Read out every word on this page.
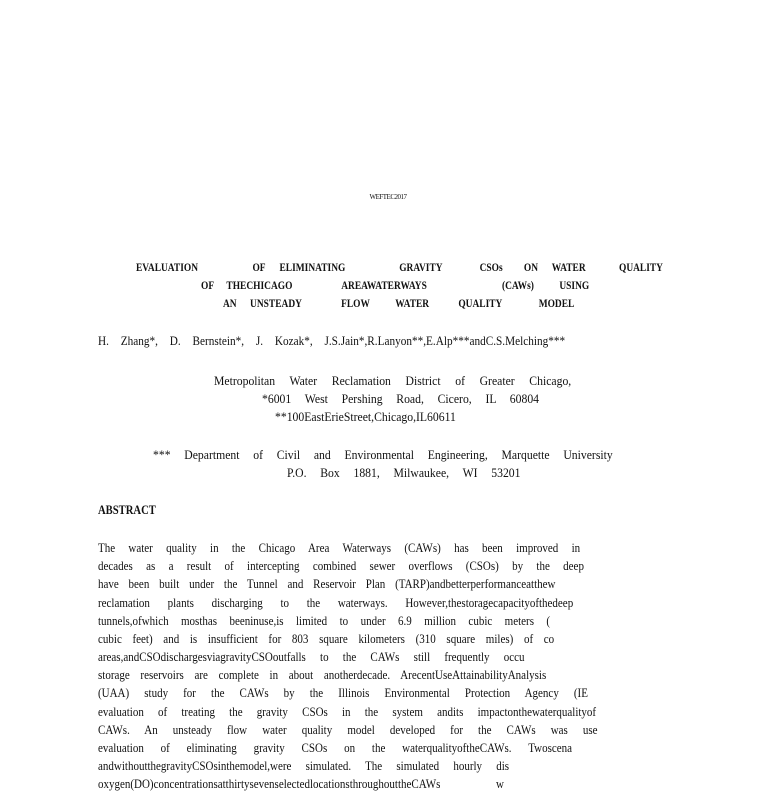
WEFTEC2017
EVALUATION	OF ELIMINATING	GRAVITY	CSOs ON WATER	QUALITY
OF THECHICAGO	AREAWATERWAYS	(CAWs) USING
AN UNSTEADY	FLOW WATER	QUALITY	MODEL
H. Zhang*, D. Bernstein*, J. Kozak*, J.S.Jain*,R.Lanyon**,E.Alp***andC.S.Melching***
Metropolitan Water Reclamation District of Greater Chicago,
*6001 West Pershing Road, Cicero, IL 60804
**100EastErieStreet,Chicago,IL60611
*** Department of Civil and Environmental Engineering, Marquette University
P.O. Box 1881, Milwaukee, WI 53201
ABSTRACT
The water quality in the Chicago Area Waterways (CAWs) has been improved in
decades as a result of intercepting combined sewer overflows (CSOs) by the deep
have been built under the Tunnel and Reservoir Plan (TARP)andbetterperformanceatthew
reclamation plants discharging to the waterways. However,thestoragecapacityofthedeep
tunnels,ofwhich mosthas beeninuse,is limited to under 6.9 million cubic meters (
cubic feet) and is insufficient for 803 square kilometers (310 square miles) of co
areas,andCSOdischargesviagravityCSOoutfalls to the CAWs still frequently occu
storage reservoirs are complete in about anotherdecade. ArecentUseAttainabilityAnalysis
(UAA) study for the CAWs by the Illinois Environmental Protection Agency (IE
evaluation of treating the gravity CSOs in the system andits impactonthewaterqualityof
CAWs. An unsteady flow water quality model developed for the CAWs was use
evaluation of eliminating gravity CSOs on the waterqualityoftheCAWs. Twoscena
andwithoutthegravityCSOsinthemodel,were simulated. The simulated hourly dis
oxygen(DO)concentrationsatthirtysevenselectedlocationsthroughouttheCAWs w
